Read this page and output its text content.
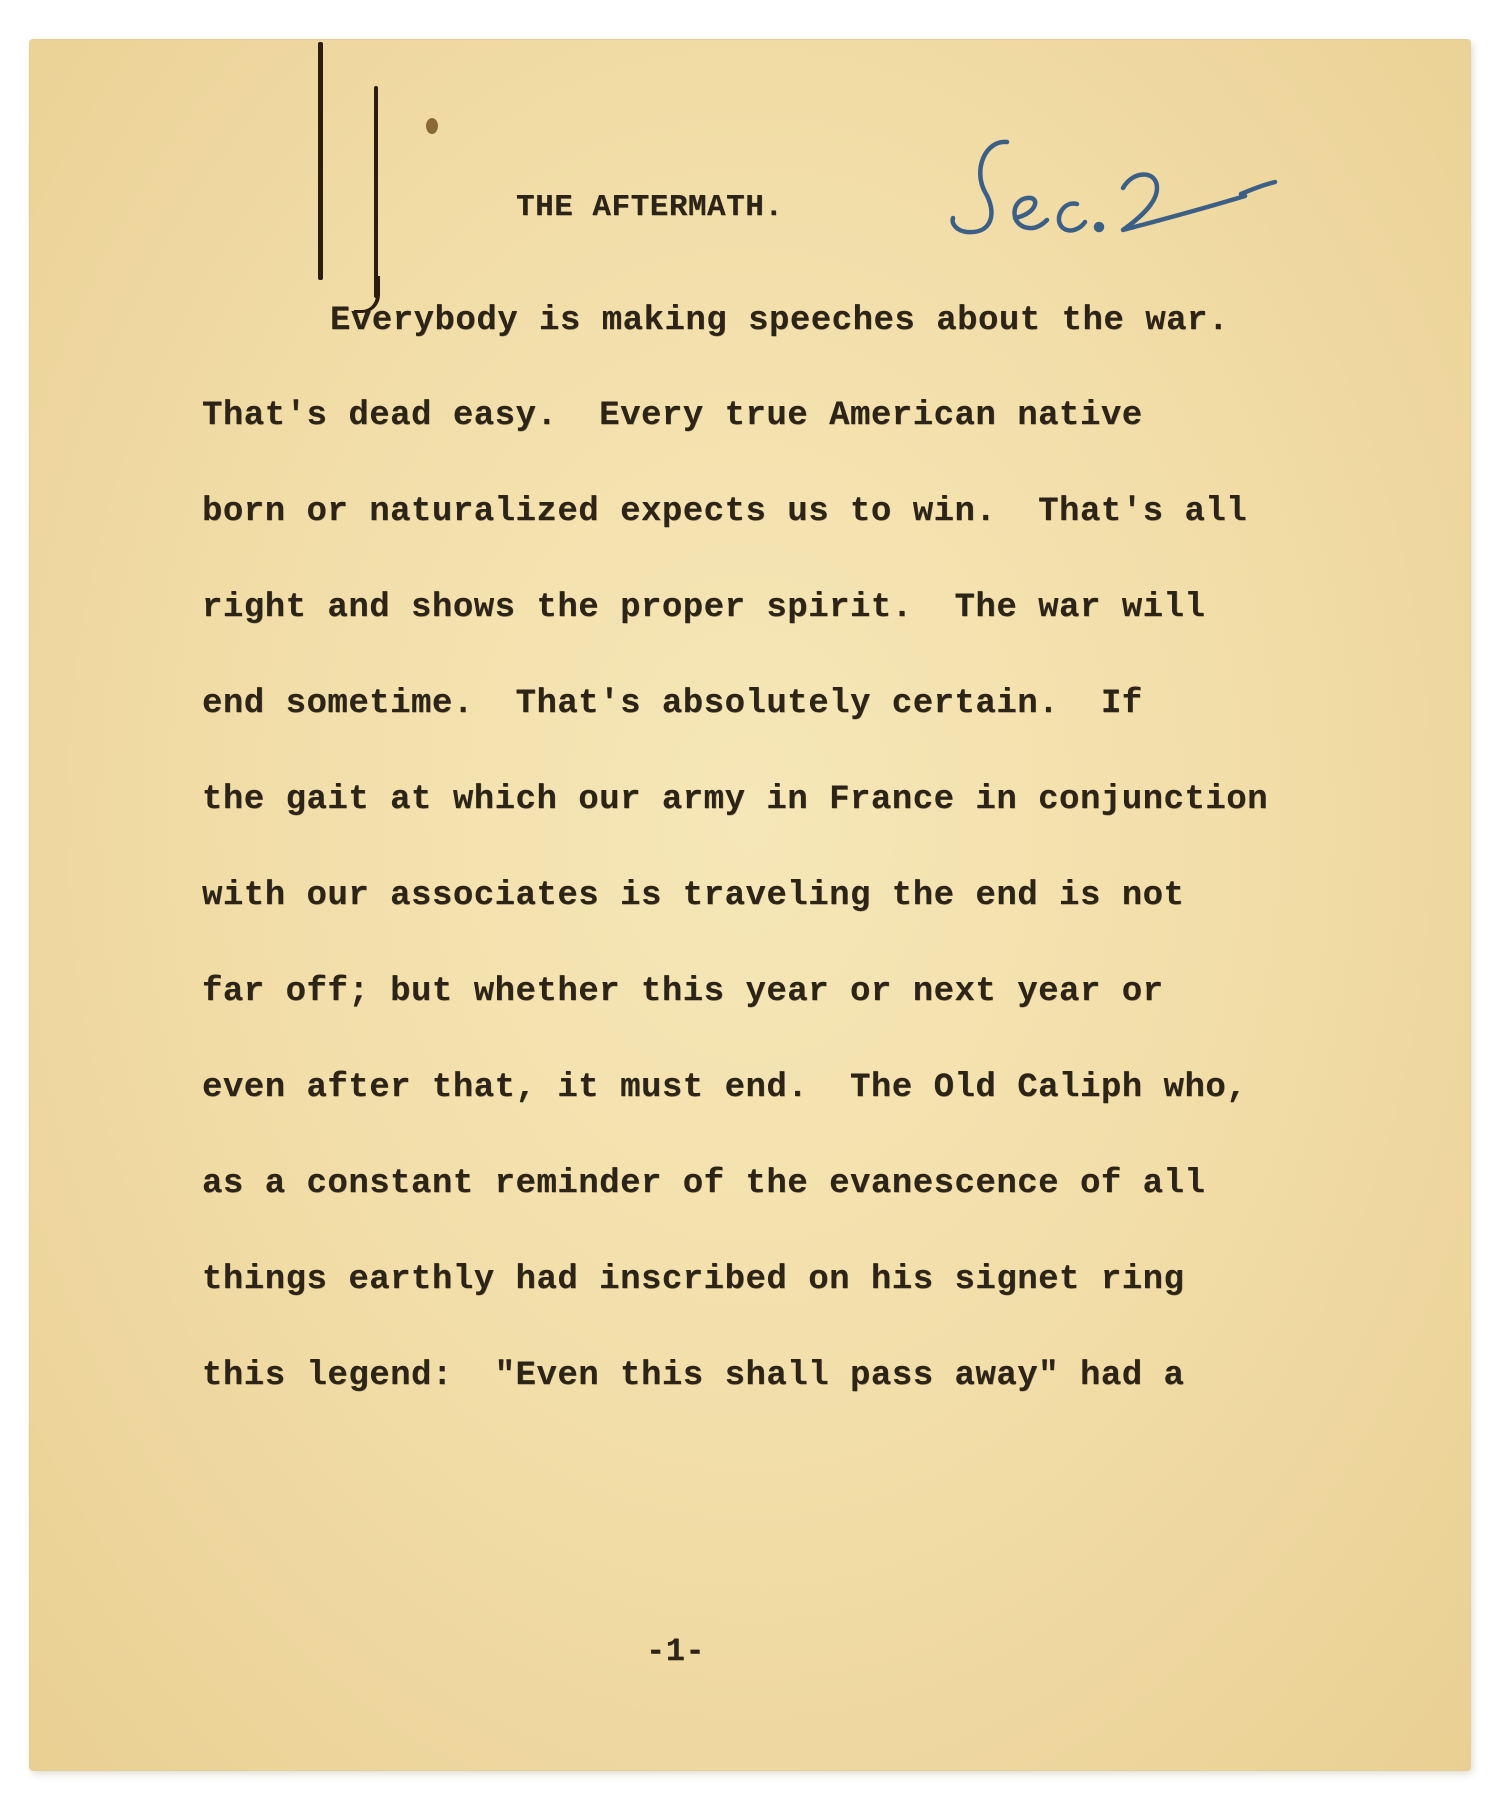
THE AFTERMATH.

Everybody is making speeches about the war.

That's dead easy.  Every true American native

born or naturalized expects us to win.  That's all

right and shows the proper spirit.  The war will

end sometime.  That's absolutely certain.  If

the gait at which our army in France in conjunction

with our associates is traveling the end is not

far off; but whether this year or next year or

even after that, it must end.  The Old Caliph who,

as a constant reminder of the evanescence of all

things earthly had inscribed on his signet ring

this legend:  "Even this shall pass away" had a

-1-
